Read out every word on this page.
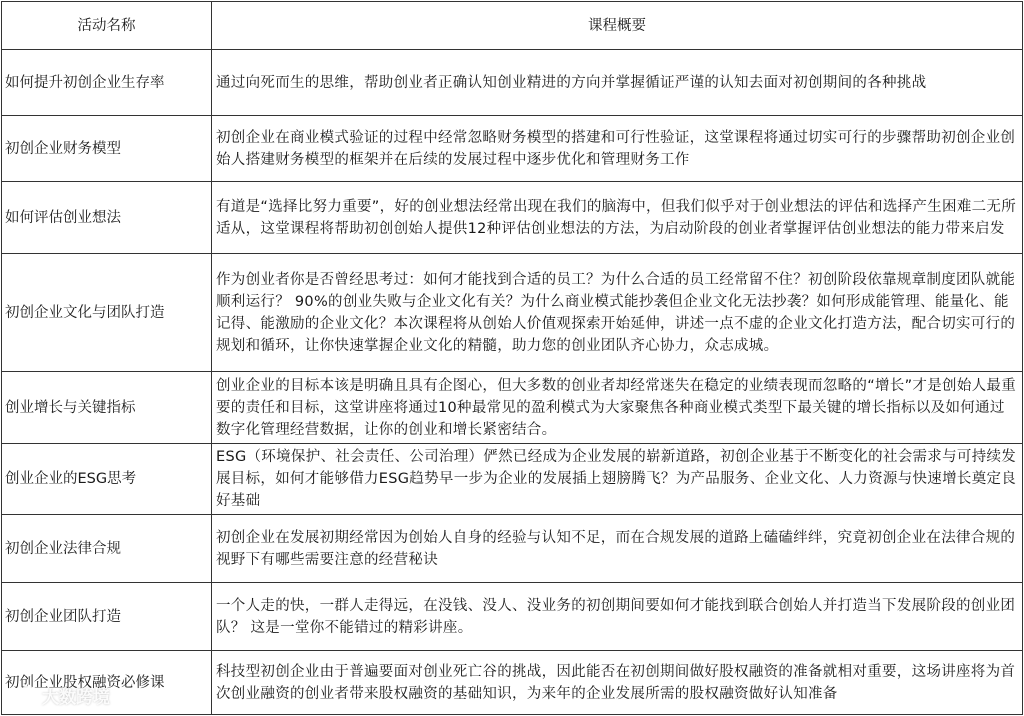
活动名称	课程概要
如何提升初创企业生存率	通过向死而生的思维，帮助创业者正确认知创业精进的方向并掌握循证严谨的认知去面对初创期间的各种挑战
初创企业财务模型	初创企业在商业模式验证的过程中经常忽略财务模型的搭建和可行性验证，这堂课程将通过切实可行的步骤帮助初创企业创始人搭建财务模型的框架并在后续的发展过程中逐步优化和管理财务工作
如何评估创业想法	有道是“选择比努力重要”，好的创业想法经常出现在我们的脑海中，但我们似乎对于创业想法的评估和选择产生困难二无所适从，这堂课程将帮助初创创始人提供12种评估创业想法的方法，为启动阶段的创业者掌握评估创业想法的能力带来启发
初创企业文化与团队打造	作为创业者你是否曾经思考过：如何才能找到合适的员工？为什么合适的员工经常留不住？初创阶段依靠规章制度团队就能顺利运行？ 90%的创业失败与企业文化有关？为什么商业模式能抄袭但企业文化无法抄袭？如何形成能管理、能量化、能记得、能激励的企业文化？本次课程将从创始人价值观探索开始延伸，讲述一点不虚的企业文化打造方法，配合切实可行的规划和循环，让你快速掌握企业文化的精髓，助力您的创业团队齐心协力，众志成城。
创业增长与关键指标	创业企业的目标本该是明确且具有企图心，但大多数的创业者却经常迷失在稳定的业绩表现而忽略的“增长”才是创始人最重要的责任和目标，这堂讲座将通过10种最常见的盈利模式为大家聚焦各种商业模式类型下最关键的增长指标以及如何通过数字化管理经营数据，让你的创业和增长紧密结合。
创业企业的ESG思考	ESG（环境保护、社会责任、公司治理）俨然已经成为企业发展的崭新道路，初创企业基于不断变化的社会需求与可持续发展目标，如何才能够借力ESG趋势早一步为企业的发展插上翅膀腾飞？为产品服务、企业文化、人力资源与快速增长奠定良好基础
初创企业法律合规	初创企业在发展初期经常因为创始人自身的经验与认知不足，而在合规发展的道路上磕磕绊绊，究竟初创企业在法律合规的视野下有哪些需要注意的经营秘诀
初创企业团队打造	一个人走的快，一群人走得远，在没钱、没人、没业务的初创期间要如何才能找到联合创始人并打造当下发展阶段的创业团队？ 这是一堂你不能错过的精彩讲座。
初创企业股权融资必修课	科技型初创企业由于普遍要面对创业死亡谷的挑战，因此能否在初创期间做好股权融资的准备就相对重要，这场讲座将为首次创业融资的创业者带来股权融资的基础知识，为来年的企业发展所需的股权融资做好认知准备
大数跨境
